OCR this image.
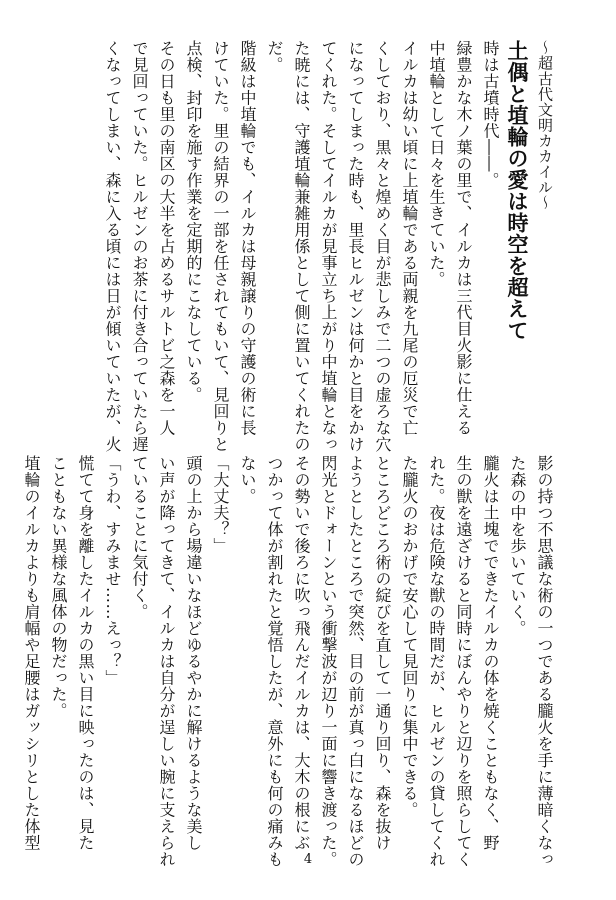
～超古代文明カカイル～

土偶と埴輪の愛は時空を超えて

時は古墳時代――。

緑豊かな木ノ葉の里で、イルカは三代目火影に仕える

中埴輪として日々を生きていた。

イルカは幼い頃に上埴輪である両親を九尾の厄災で亡

くしており、黒々と煌めく目が悲しみで二つの虚ろな穴

になってしまった時も、里長ヒルゼンは何かと目をかけ

てくれた。そしてイルカが見事立ち上がり中埴輪となっ

た暁には、守護埴輪兼雑用係として側に置いてくれたの

だ。

階級は中埴輪でも、イルカは母親譲りの守護の術に長

けていた。里の結界の一部を任されてもいて、見回りと

点検、封印を施す作業を定期的にこなしている。

その日も里の南区の大半を占めるサルトビ之森を一人

で見回っていた。ヒルゼンのお茶に付き合っていたら遅

くなってしまい、森に入る頃には日が傾いていたが、火

影の持つ不思議な術の一つである朧火を手に薄暗くなっ

た森の中を歩いていく。

朧火は土塊でできたイルカの体を焼くこともなく、野

生の獣を遠ざけると同時にぼんやりと辺りを照らしてく

れた。夜は危険な獣の時間だが、ヒルゼンの貸してくれ

た朧火のおかげで安心して見回りに集中できる。

ところどころ術の綻びを直して一通り回り、森を抜け

ようとしたところで突然、目の前が真っ白になるほどの

閃光とドォーンという衝撃波が辺り一面に響き渡った。

その勢いで後ろに吹っ飛んだイルカは、大木の根にぶ

つかって体が割れたと覚悟したが、意外にも何の痛みも

ない。

「大丈夫？」

頭の上から場違いなほどゆるやかに解けるような美し

い声が降ってきて、イルカは自分が逞しい腕に支えられ

ていることに気付く。

「うわ、すみませ……えっ？」

慌てて身を離したイルカの黒い目に映ったのは、見た

こともない異様な風体の物だった。

埴輪のイルカよりも肩幅や足腰はガッシリとした体型

4
